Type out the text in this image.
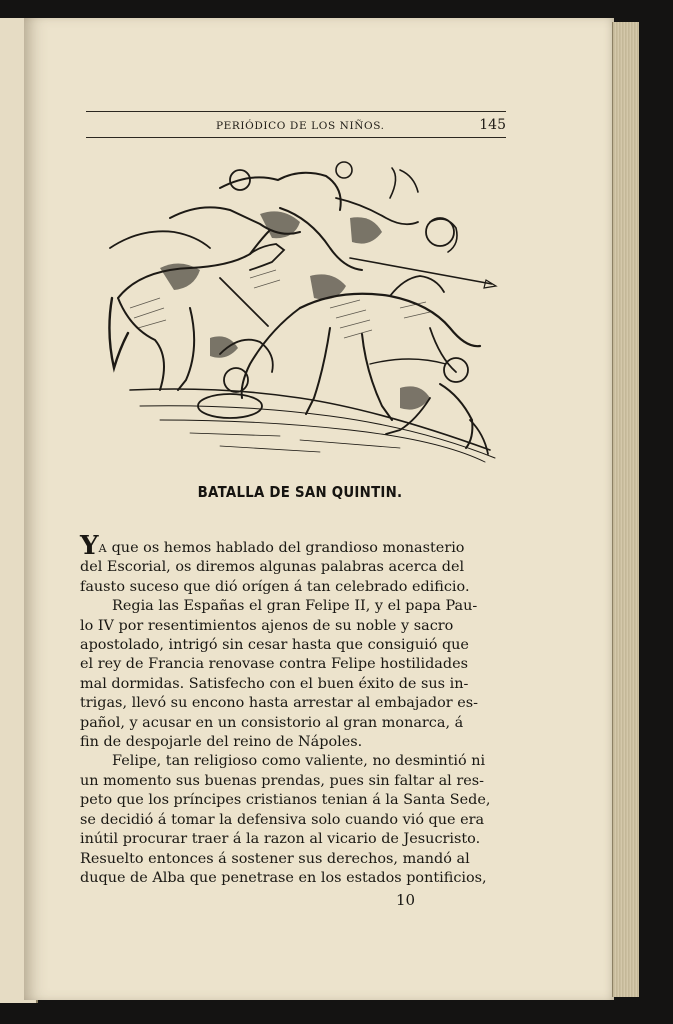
PERIÓDICO DE LOS NIÑOS.	145
BATALLA DE SAN QUINTIN.

YA que os hemos hablado del grandioso monasterio
del Escorial, os diremos algunas palabras acerca del
fausto suceso que dió orígen á tan celebrado edificio.

Regia las Españas el gran Felipe II, y el papa Pau-
lo IV por resentimientos ajenos de su noble y sacro
apostolado, intrigó sin cesar hasta que consiguió que
el rey de Francia renovase contra Felipe hostilidades
mal dormidas. Satisfecho con el buen éxito de sus in-
trigas, llevó su encono hasta arrestar al embajador es-
pañol, y acusar en un consistorio al gran monarca, á
fin de despojarle del reino de Nápoles.

Felipe, tan religioso como valiente, no desmintió ni
un momento sus buenas prendas, pues sin faltar al res-
peto que los príncipes cristianos tenian á la Santa Sede,
se decidió á tomar la defensiva solo cuando vió que era
inútil procurar traer á la razon al vicario de Jesucristo.
Resuelto entonces á sostener sus derechos, mandó al
duque de Alba que penetrase en los estados pontificios,

10
